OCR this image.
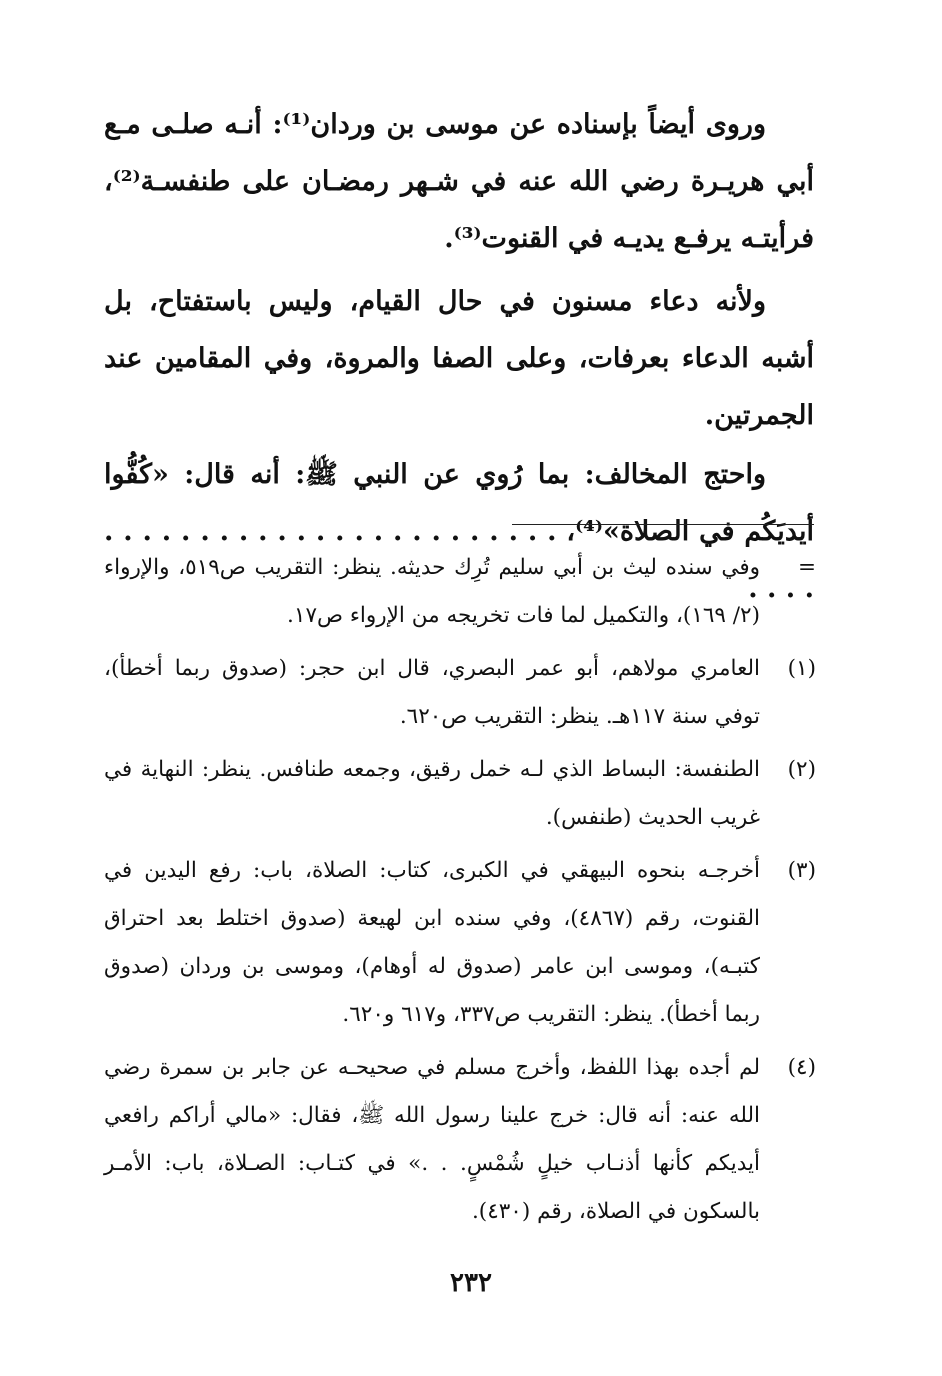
وروى أيضاً بإسناده عن موسى بن وردان⁽¹⁾: أنـه صلـى مـع أبي هريـرة رضي الله عنه في شـهر رمضـان على طنفسـة⁽²⁾، فرأيتـه يرفـع يديـه في القنوت⁽³⁾.

ولأنه دعاء مسنون في حال القيام، وليس باستفتاح، بل أشبه الدعاء بعرفات، وعلى الصفا والمروة، وفي المقامين عند الجمرتين.

واحتج المخالف: بما رُوي عن النبي ﷺ: أنه قال: «كُفُّوا أيديَكُم في الصلاة»⁽⁴⁾، . . . . . . . . . . . . . . . . . . . . . . . . . . . .

=
وفي سنده ليث بن أبي سليم تُرِك حديثه. ينظر: التقريب ص٥١٩، والإرواء (٢/ ١٦٩)، والتكميل لما فات تخريجه من الإرواء ص١٧.
(١)
العامري مولاهم، أبو عمر البصري، قال ابن حجر: (صدوق ربما أخطأ)، توفي سنة ١١٧هـ. ينظر: التقريب ص٦٢٠.
(٢)
الطنفسة: البساط الذي لـه خمل رقيق، وجمعه طنافس. ينظر: النهاية في غريب الحديث (طنفس).
(٣)
أخرجـه بنحوه البيهقي في الكبرى، كتاب: الصلاة، باب: رفع اليدين في القنوت، رقم (٤٨٦٧)، وفي سنده ابن لهيعة (صدوق اختلط بعد احتراق كتبـه)، وموسى ابن عامر (صدوق له أوهام)، وموسى بن وردان (صدوق ربما أخطأ). ينظر: التقريب ص٣٣٧، و٦١٧ و٦٢٠.
(٤)
لم أجده بهذا اللفظ، وأخرج مسلم في صحيحـه عن جابر بن سمرة رضي الله عنه: أنه قال: خرج علينا رسول الله ﷺ، فقال: «مالي أراكم رافعي أيديكم كأنها أذنـاب خيلٍ شُمْسٍ. . .» في كتـاب: الصـلاة، باب: الأمـر بالسكون في الصلاة، رقم (٤٣٠).
٢٣٢
